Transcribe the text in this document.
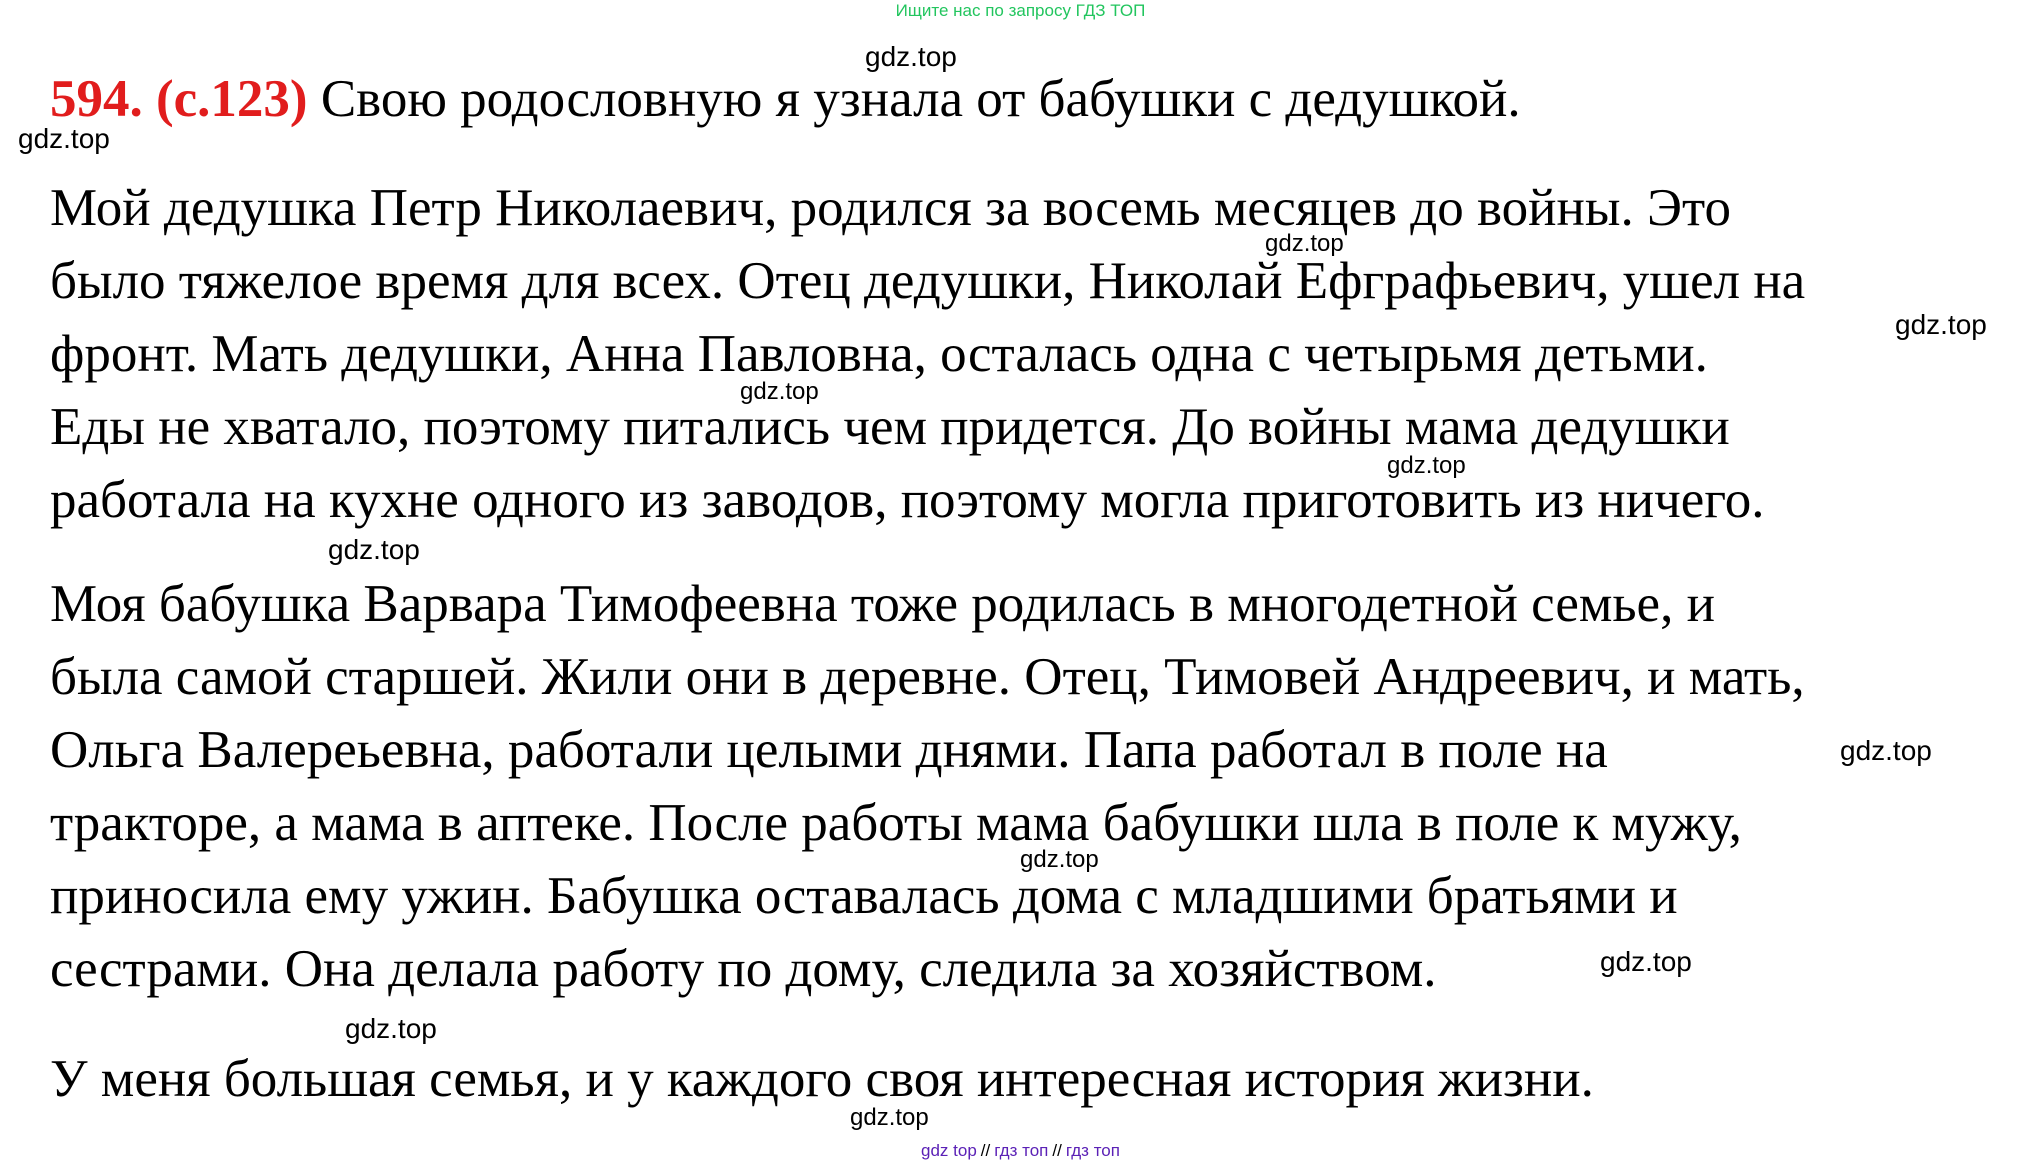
Ищите нас по запросу ГДЗ ТОП
594. (с.123) Свою родословную я узнала от бабушки с дедушкой.
Мой дедушка Петр Николаевич, родился за восемь месяцев до войны. Это
было тяжелое время для всех. Отец дедушки, Николай Ефграфьевич, ушел на
фронт. Мать дедушки, Анна Павловна, осталась одна с четырьмя детьми.
Еды не хватало, поэтому питались чем придется. До войны мама дедушки
работала на кухне одного из заводов, поэтому могла приготовить из ничего.
Моя бабушка Варвара Тимофеевна тоже родилась в многодетной семье, и
была самой старшей. Жили они в деревне. Отец, Тимовей Андреевич, и мать,
Ольга Валереьевна, работали целыми днями. Папа работал в поле на
тракторе, а мама в аптеке. После работы мама бабушки шла в поле к мужу,
приносила ему ужин. Бабушка оставалась дома с младшими братьями и
сестрами. Она делала работу по дому, следила за хозяйством.
У меня большая семья, и у каждого своя интересная история жизни.
gdz.top
gdz.top
gdz.top
gdz.top
gdz.top
gdz.top
gdz.top
gdz.top
gdz.top
gdz.top
gdz.top
gdz.top
gdz top // гдз топ // гдз топ
